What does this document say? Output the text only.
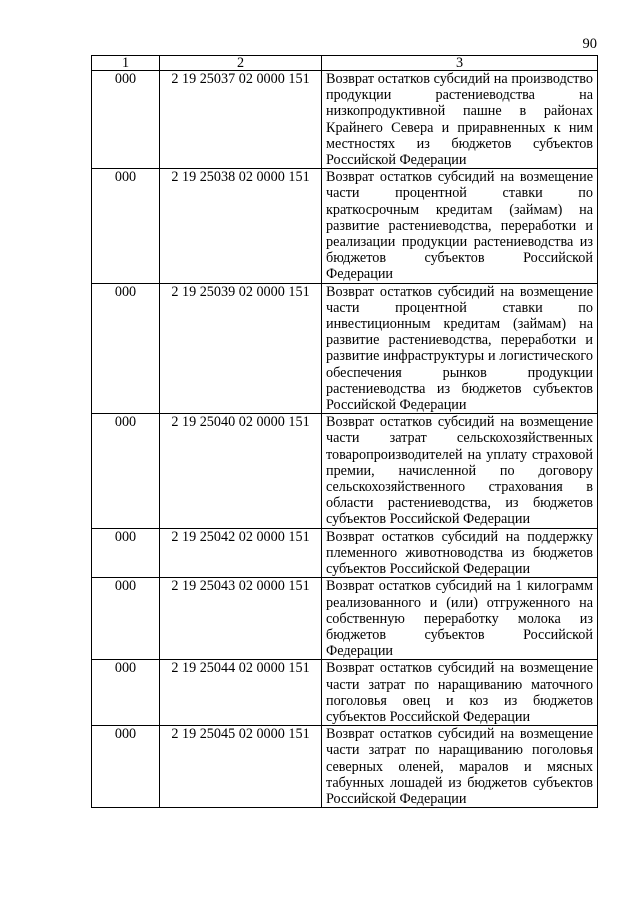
90
1	2	3
000	2 19 25037 02 0000 151	Возврат остатков субсидий на производство продукции растениеводства на низкопродуктивной пашне в районах Крайнего Севера и приравненных к ним местностях из бюджетов субъектов Российской Федерации
000	2 19 25038 02 0000 151	Возврат остатков субсидий на возмещение части процентной ставки по краткосрочным кредитам (займам) на развитие растениеводства, переработки и реализации продукции растениеводства из бюджетов субъектов Российской Федерации
000	2 19 25039 02 0000 151	Возврат остатков субсидий на возмещение части процентной ставки по инвестиционным кредитам (займам) на развитие растениеводства, переработки и развитие инфраструктуры и логистического обеспечения рынков продукции растениеводства из бюджетов субъектов Российской Федерации
000	2 19 25040 02 0000 151	Возврат остатков субсидий на возмещение части затрат сельскохозяйственных товаропроизводителей на уплату страховой премии, начисленной по договору сельскохозяйственного страхования в области растениеводства, из бюджетов субъектов Российской Федерации
000	2 19 25042 02 0000 151	Возврат остатков субсидий на поддержку племенного животноводства из бюджетов субъектов Российской Федерации
000	2 19 25043 02 0000 151	Возврат остатков субсидий на 1 килограмм реализованного и (или) отгруженного на собственную переработку молока из бюджетов субъектов Российской Федерации
000	2 19 25044 02 0000 151	Возврат остатков субсидий на возмещение части затрат по наращиванию маточного поголовья овец и коз из бюджетов субъектов Российской Федерации
000	2 19 25045 02 0000 151	Возврат остатков субсидий на возмещение части затрат по наращиванию поголовья северных оленей, маралов и мясных табунных лошадей из бюджетов субъектов Российской Федерации
